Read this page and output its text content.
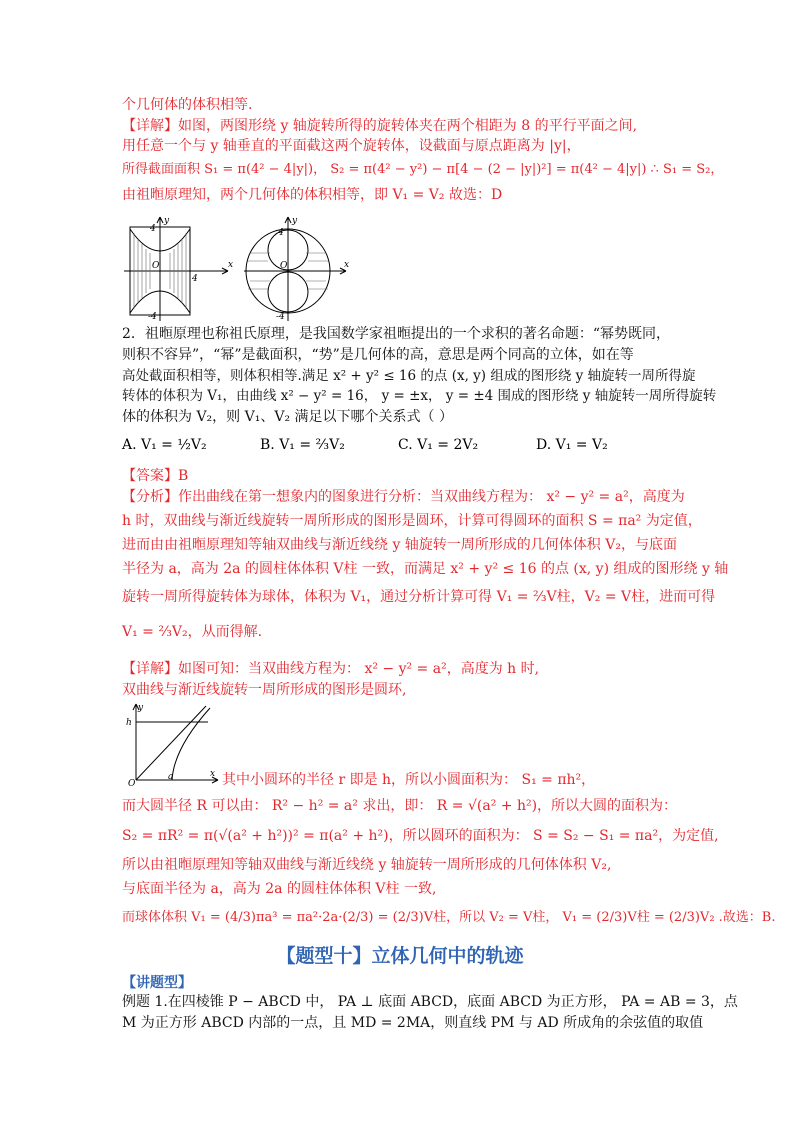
个几何体的体积相等.
【详解】如图，两图形绕 y 轴旋转所得的旋转体夹在两个相距为 8 的平行平面之间,
用任意一个与 y 轴垂直的平面截这两个旋转体，设截面与原点距离为 |y|，
所得截面面积 S₁ = π(4² − 4|y|)， S₂ = π(4² − y²) − π[4 − (2 − |y|)²] = π(4² − 4|y|) ∴ S₁ = S₂，
由祖暅原理知，两个几何体的体积相等，即 V₁ = V₂ 故选：D
y
x
O
4
-4
4
y
x
O
4
-4
2．祖暅原理也称祖氏原理，是我国数学家祖暅提出的一个求积的著名命题：“幂势既同，
则积不容异”，“幂”是截面积，“势”是几何体的高，意思是两个同高的立体，如在等
高处截面积相等，则体积相等.满足 x² + y² ≤ 16 的点 (x, y) 组成的图形绕 y 轴旋转一周所得旋
转体的体积为 V₁，由曲线 x² − y² = 16， y = ±x， y = ±4 围成的图形绕 y 轴旋转一周所得旋转
体的体积为 V₂，则 V₁、V₂ 满足以下哪个关系式（ ）
A. V₁ = ½V₂	B. V₁ = ⅔V₂	C. V₁ = 2V₂	D. V₁ = V₂
【答案】B
【分析】作出曲线在第一想象内的图象进行分析：当双曲线方程为： x² − y² = a²，高度为
h 时，双曲线与渐近线旋转一周所形成的图形是圆环，计算可得圆环的面积 S = πa² 为定值，
进而由由祖暅原理知等轴双曲线与渐近线绕 y 轴旋转一周所形成的几何体体积 V₂，与底面
半径为 a，高为 2a 的圆柱体体积 V柱 一致，而满足 x² + y² ≤ 16 的点 (x, y) 组成的图形绕 y 轴
旋转一周所得旋转体为球体，体积为 V₁，通过分析计算可得 V₁ = ⅔V柱，V₂ = V柱，进而可得
V₁ = ⅔V₂，从而得解.
【详解】如图可知：当双曲线方程为： x² − y² = a²，高度为 h 时,
双曲线与渐近线旋转一周所形成的图形是圆环,
y
h
x
O
a	其中小圆环的半径 r 即是 h，所以小圆面积为： S₁ = πh²，
而大圆半径 R 可以由： R² − h² = a² 求出，即： R = √(a² + h²)，所以大圆的面积为：
S₂ = πR² = π(√(a² + h²))² = π(a² + h²)，所以圆环的面积为： S = S₂ − S₁ = πa²，为定值,
所以由祖暅原理知等轴双曲线与渐近线绕 y 轴旋转一周所形成的几何体体积 V₂,
与底面半径为 a，高为 2a 的圆柱体体积 V柱 一致,
而球体体积 V₁ = (4/3)πa³ = πa²·2a·(2/3) = (2/3)V柱，所以 V₂ = V柱， V₁ = (2/3)V柱 = (2/3)V₂ .故选：B.
【题型十】立体几何中的轨迹
【讲题型】
例题 1.在四棱锥 P − ABCD 中， PA ⊥ 底面 ABCD，底面 ABCD 为正方形， PA = AB = 3，点
M 为正方形 ABCD 内部的一点，且 MD = 2MA，则直线 PM 与 AD 所成角的余弦值的取值
